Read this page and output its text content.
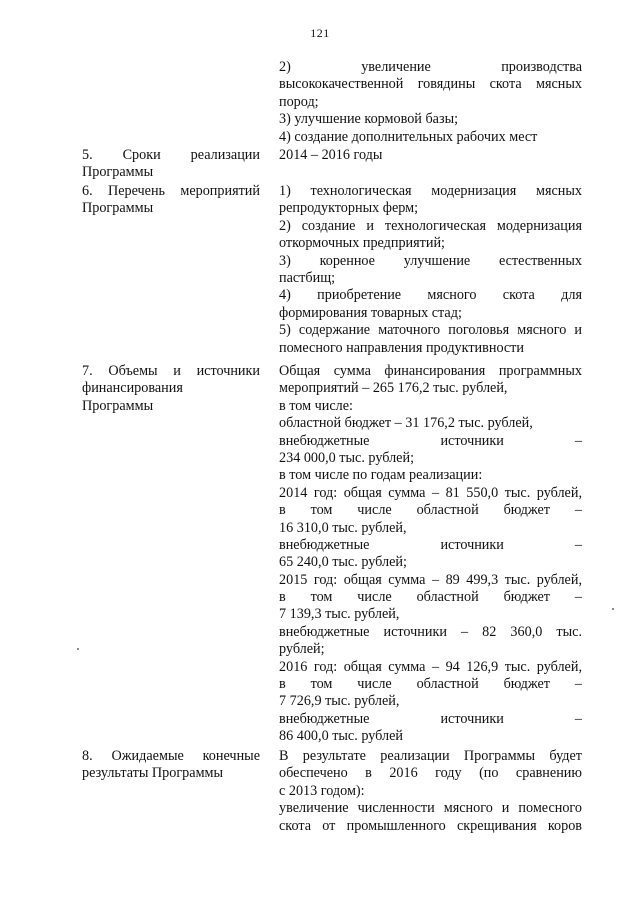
121
2) увеличение производства
высококачественной говядины скота мясных
пород;
3) улучшение кормовой базы;
4) создание дополнительных рабочих мест
5. Сроки реализации
Программы
2014 – 2016 годы
6. Перечень мероприятий
Программы
1) технологическая модернизация мясных
репродукторных ферм;
2) создание и технологическая модернизация
откормочных предприятий;
3) коренное улучшение естественных
пастбищ;
4) приобретение мясного скота для
формирования товарных стад;
5) содержание маточного поголовья мясного и
помесного направления продуктивности
7. Объемы и источники
финансирования
Программы
Общая сумма финансирования программных
мероприятий – 265 176,2 тыс. рублей,
в том числе:
областной бюджет – 31 176,2 тыс. рублей,
внебюджетные источники –
234 000,0 тыс. рублей;
в том числе по годам реализации:
2014 год: общая сумма – 81 550,0 тыс. рублей,
в том числе областной бюджет –
16 310,0 тыс. рублей,
внебюджетные источники –
65 240,0 тыс. рублей;
2015 год: общая сумма – 89 499,3 тыс. рублей,
в том числе областной бюджет –
7 139,3 тыс. рублей,
внебюджетные источники – 82 360,0 тыс.
рублей;
2016 год: общая сумма – 94 126,9 тыс. рублей,
в том числе областной бюджет –
7 726,9 тыс. рублей,
внебюджетные источники –
86 400,0 тыс. рублей
8. Ожидаемые конечные
результаты Программы
В результате реализации Программы будет
обеспечено в 2016 году (по сравнению
с 2013 годом):
увеличение численности мясного и помесного
скота от промышленного скрещивания коров
